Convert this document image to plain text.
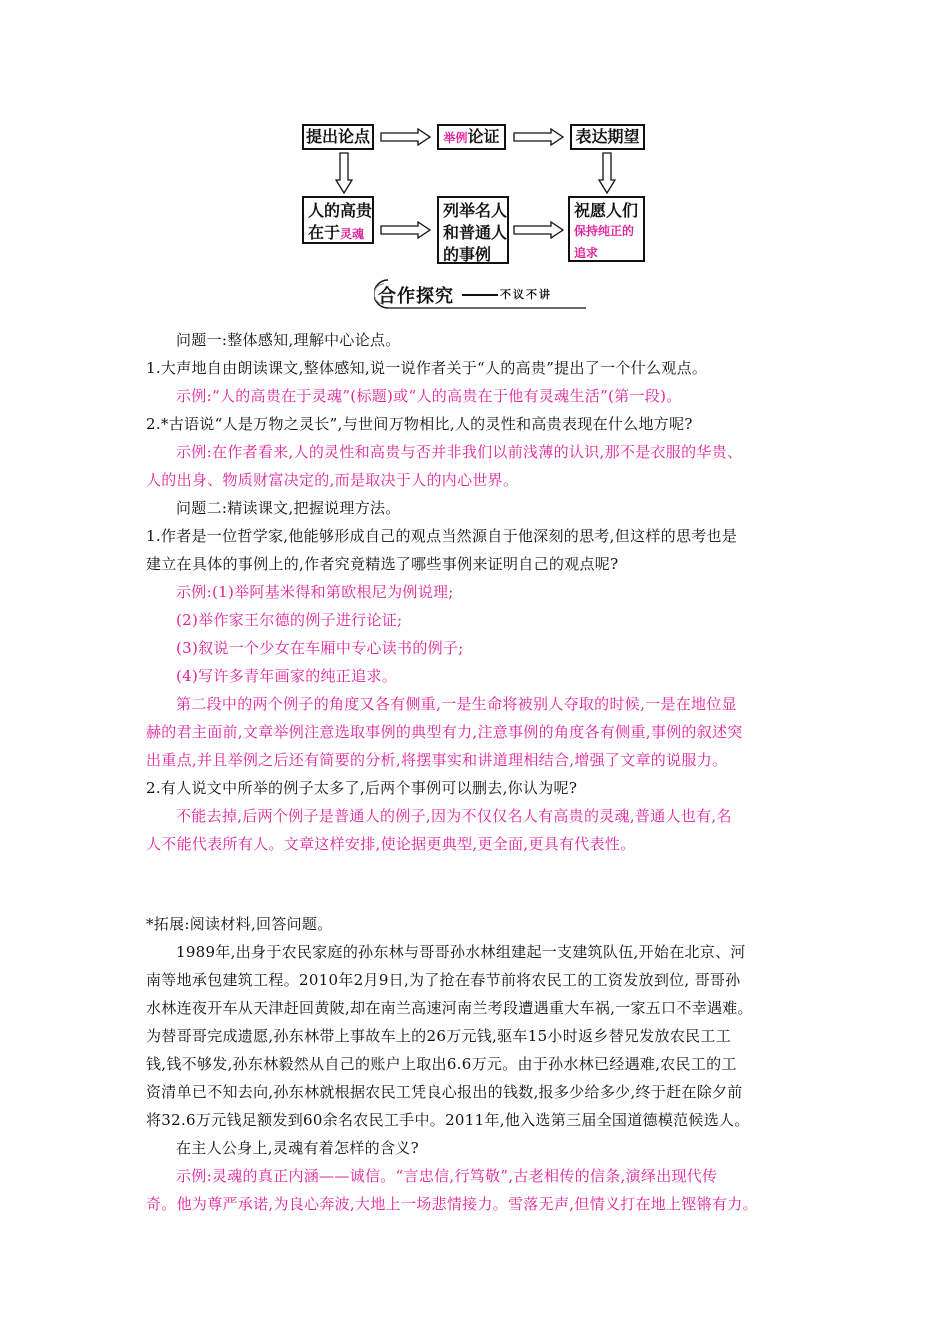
提出论点	举例论证	表达期望
人的高贵
在于灵魂
列举名人
和普通人
的事例
祝愿人们
保持纯正的
追求
合作探究	不议不讲
问题一:整体感知,理解中心论点。
1.大声地自由朗读课文,整体感知,说一说作者关于“人的高贵”提出了一个什么观点。
示例:“人的高贵在于灵魂”(标题)或“人的高贵在于他有灵魂生活”(第一段)。
2.*古语说“人是万物之灵长”,与世间万物相比,人的灵性和高贵表现在什么地方呢?
示例:在作者看来,人的灵性和高贵与否并非我们以前浅薄的认识,那不是衣服的华贵、
人的出身、物质财富决定的,而是取决于人的内心世界。
问题二:精读课文,把握说理方法。
1.作者是一位哲学家,他能够形成自己的观点当然源自于他深刻的思考,但这样的思考也是
建立在具体的事例上的,作者究竟精选了哪些事例来证明自己的观点呢?
示例:(1)举阿基米得和第欧根尼为例说理;
(2)举作家王尔德的例子进行论证;
(3)叙说一个少女在车厢中专心读书的例子;
(4)写许多青年画家的纯正追求。
第二段中的两个例子的角度又各有侧重,一是生命将被别人夺取的时候,一是在地位显
赫的君主面前,文章举例注意选取事例的典型有力,注意事例的角度各有侧重,事例的叙述突
出重点,并且举例之后还有简要的分析,将摆事实和讲道理相结合,增强了文章的说服力。
2.有人说文中所举的例子太多了,后两个事例可以删去,你认为呢?
不能去掉,后两个例子是普通人的例子,因为不仅仅名人有高贵的灵魂,普通人也有,名
人不能代表所有人。文章这样安排,使论据更典型,更全面,更具有代表性。
*拓展:阅读材料,回答问题。
1989年,出身于农民家庭的孙东林与哥哥孙水林组建起一支建筑队伍,开始在北京、河
南等地承包建筑工程。2010年2月9日,为了抢在春节前将农民工的工资发放到位, 哥哥孙
水林连夜开车从天津赶回黄陂,却在南兰高速河南兰考段遭遇重大车祸,一家五口不幸遇难。
为替哥哥完成遗愿,孙东林带上事故车上的26万元钱,驱车15小时返乡替兄发放农民工工
钱,钱不够发,孙东林毅然从自己的账户上取出6.6万元。由于孙水林已经遇难,农民工的工
资清单已不知去向,孙东林就根据农民工凭良心报出的钱数,报多少给多少,终于赶在除夕前
将32.6万元钱足额发到60余名农民工手中。2011年,他入选第三届全国道德模范候选人。
在主人公身上,灵魂有着怎样的含义?
示例:灵魂的真正内涵——诚信。“言忠信,行笃敬”,古老相传的信条,演绎出现代传
奇。他为尊严承诺,为良心奔波,大地上一场悲情接力。雪落无声,但情义打在地上铿锵有力。
